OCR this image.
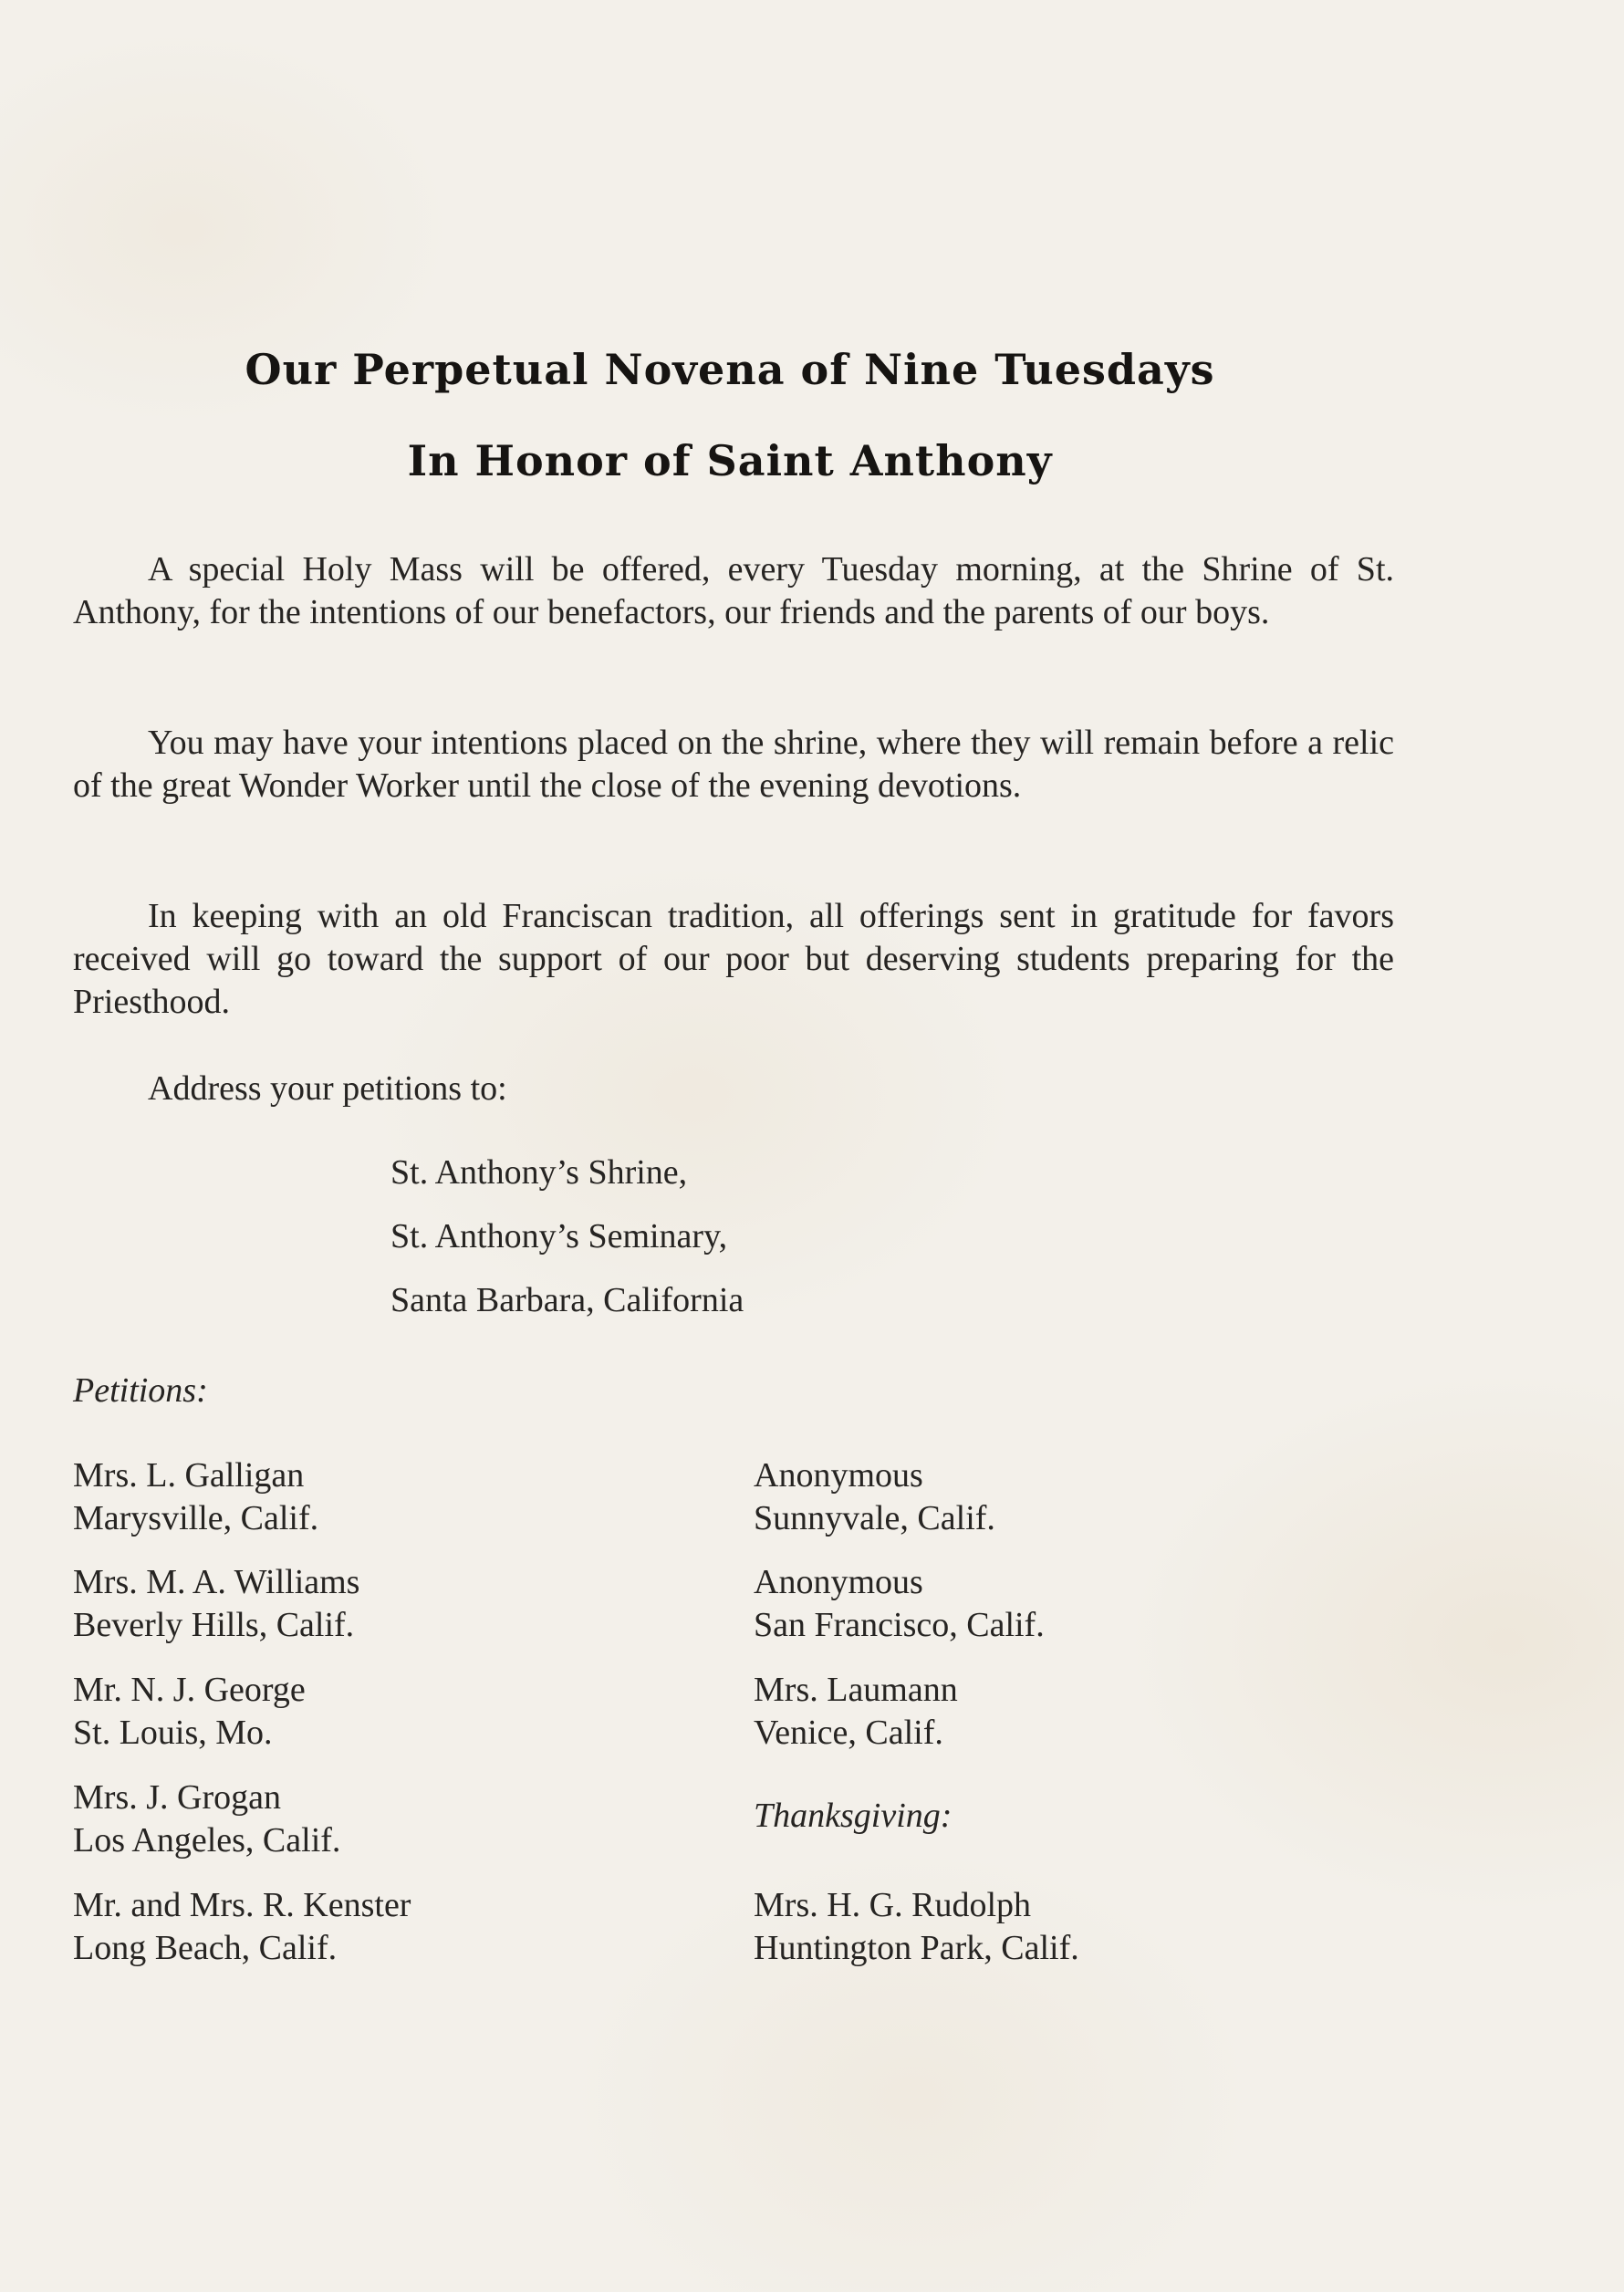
Our Perpetual Novena of Nine Tuesdays
In Honor of Saint Anthony

A special Holy Mass will be offered, every Tuesday morning, at the Shrine of St. Anthony, for the intentions of our benefactors, our friends and the parents of our boys.

You may have your intentions placed on the shrine, where they will remain before a relic of the great Wonder Worker until the close of the evening devotions.

In keeping with an old Franciscan tradition, all offerings sent in gratitude for favors received will go toward the support of our poor but deserving students preparing for the Priesthood.

Address your petitions to:

St. Anthony’s Shrine,

St. Anthony’s Seminary,

Santa Barbara, California

Petitions:

Mrs. L. Galligan
Marysville, Calif.
Mrs. M. A. Williams
Beverly Hills, Calif.
Mr. N. J. George
St. Louis, Mo.
Mrs. J. Grogan
Los Angeles, Calif.
Mr. and Mrs. R. Kenster
Long Beach, Calif.
Anonymous
Sunnyvale, Calif.
Anonymous
San Francisco, Calif.
Mrs. Laumann
Venice, Calif.

Thanksgiving:

Mrs. H. G. Rudolph
Huntington Park, Calif.
